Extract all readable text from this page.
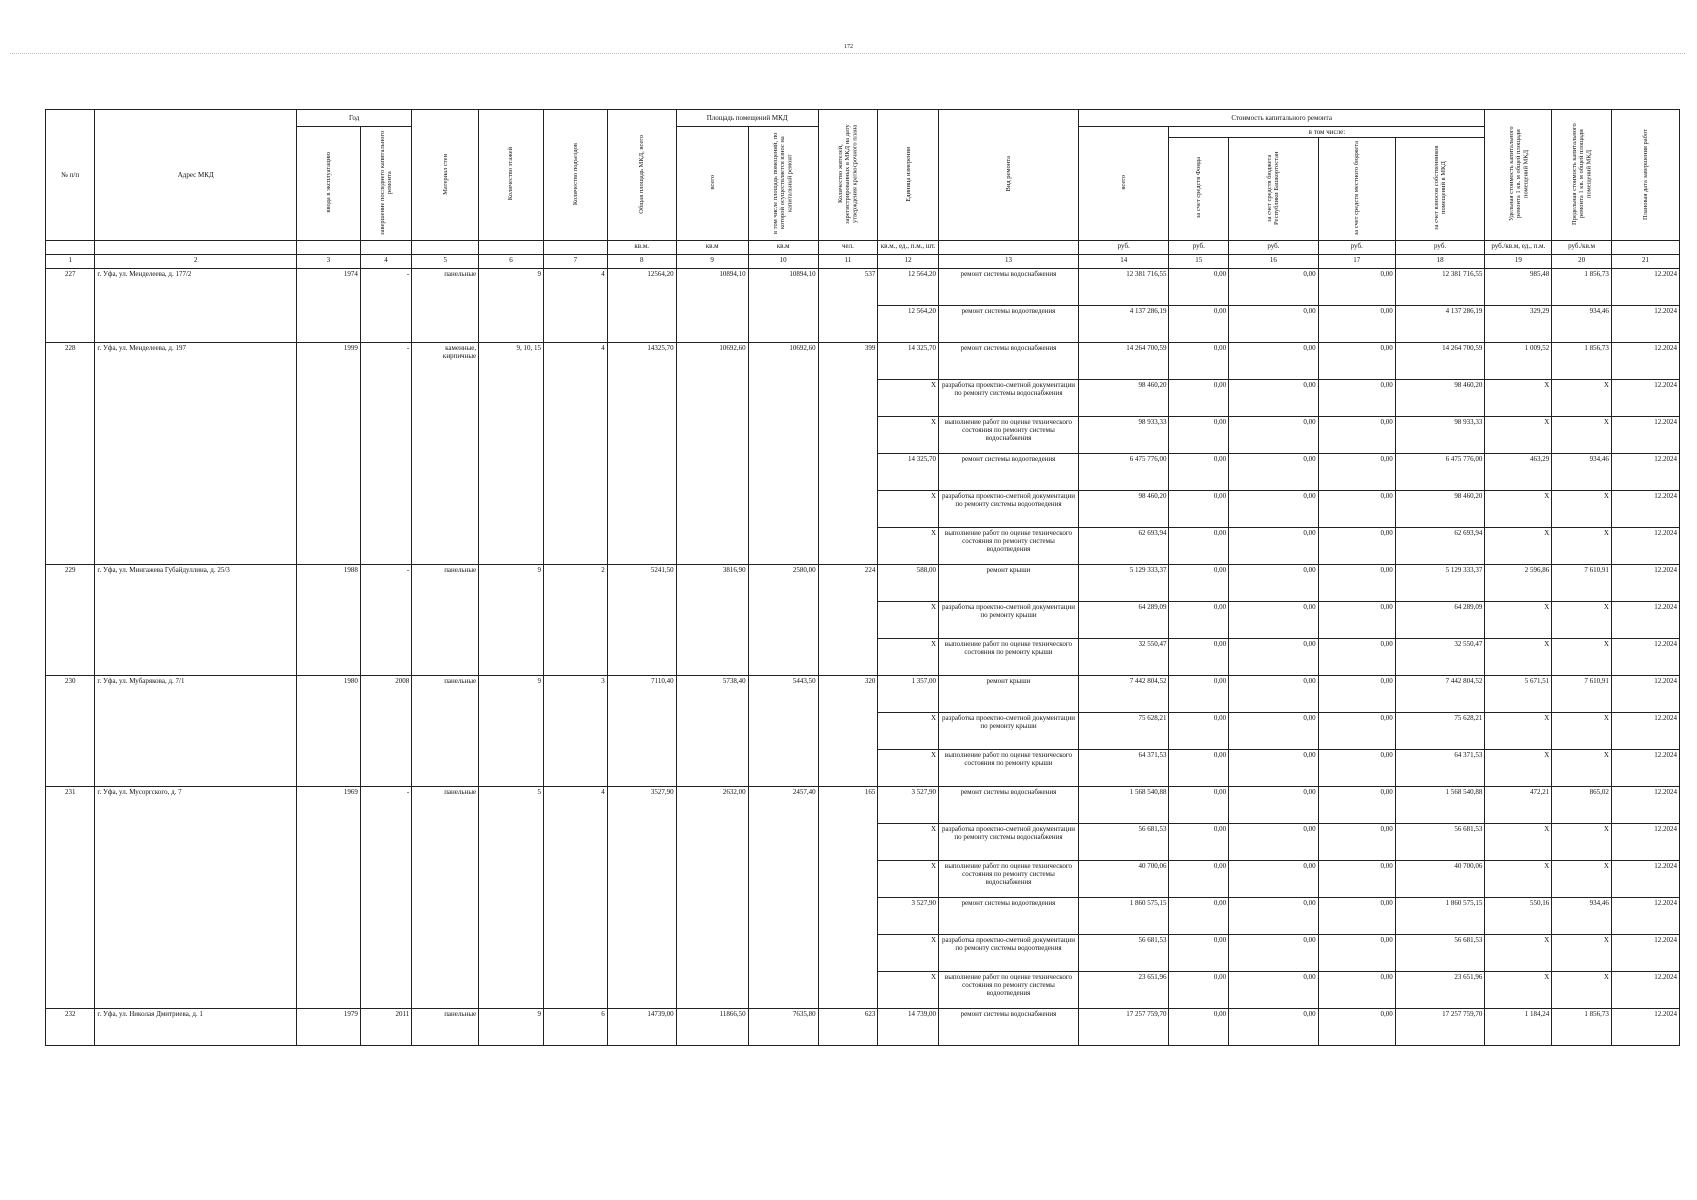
172
№ п/п	Адрес МКД	Год		Материал стен	Количество этажей	Количество подъездов	Общая площадь МКД, всего	Площадь помещений МКД		Количество жителей, зарегистрированных в МКД на дату утверждения краткосрочного плана	Единица измерения	Вид ремонта	Стоимость капитального ремонта					Удельная стоимость капитального ремонта 1 кв. м общей площади помещений МКД	Предельная стоимость капитального ремонта 1 кв. м общей площади помещений МКД	Плановая дата завершения работ
		ввода в эксплуатацию	завершение последнего капитального ремонта					всего	в том числе площадь помещений, по которой осуществляется взнос на капитальный ремонт				всего	в том числе:						
														за счет средств Фонда	за счет средств бюджета Республики Башкортостан	за счет средств местного бюджета	за счет взносов собственников помещений в МКД			
							кв.м.	кв.м	кв.м	чел.	кв.м., ед., п.м., шт.		руб.	руб.	руб.	руб.	руб.	руб./кв.м, ед., п.м.	руб./кв.м	
1	2	3	4	5	6	7	8	9	10	11	12	13	14	15	16	17	18	19	20	21
227	г. Уфа, ул. Менделеева, д. 177/2	1974	-	панельные	9	4	12564,20	10894,10	10894,10	537	12 564,20	ремонт системы водоснабжения	12 381 716,55	0,00	0,00	0,00	12 381 716,55	985,48	1 856,73	12.2024
											12 564,20	ремонт системы водоотведения	4 137 286,19	0,00	0,00	0,00	4 137 286,19	329,29	934,46	12.2024
228	г. Уфа, ул. Менделеева, д. 197	1999	-	каменные, кирпичные	9, 10, 15	4	14325,70	10692,60	10692,60	399	14 325,70	ремонт системы водоснабжения	14 264 700,59	0,00	0,00	0,00	14 264 700,59	1 009,52	1 856,73	12.2024
											X	разработка проектно-сметной документации по ремонту системы водоснабжения	98 460,20	0,00	0,00	0,00	98 460,20	X	X	12.2024
											X	выполнение работ по оценке технического состояния по ремонту системы водоснабжения	98 933,33	0,00	0,00	0,00	98 933,33	X	X	12.2024
											14 325,70	ремонт системы водоотведения	6 475 776,00	0,00	0,00	0,00	6 475 776,00	463,29	934,46	12.2024
											X	разработка проектно-сметной документации по ремонту системы водоотведения	98 460,20	0,00	0,00	0,00	98 460,20	X	X	12.2024
											X	выполнение работ по оценке технического состояния по ремонту системы водоотведения	62 693,94	0,00	0,00	0,00	62 693,94	X	X	12.2024
229	г. Уфа, ул. Мингажева Губайдуллина, д. 25/3	1988	-	панельные	9	2	5241,50	3816,90	2580,00	224	588,00	ремонт крыши	5 129 333,37	0,00	0,00	0,00	5 129 333,37	2 596,86	7 610,91	12.2024
											X	разработка проектно-сметной документации по ремонту крыши	64 289,09	0,00	0,00	0,00	64 289,09	X	X	12.2024
											X	выполнение работ по оценке технического состояния по ремонту крыши	32 550,47	0,00	0,00	0,00	32 550,47	X	X	12.2024
230	г. Уфа, ул. Мубарякова, д. 7/1	1980	2008	панельные	9	3	7110,40	5738,40	5443,50	320	1 357,00	ремонт крыши	7 442 804,52	0,00	0,00	0,00	7 442 804,52	5 671,51	7 610,91	12.2024
											X	разработка проектно-сметной документации по ремонту крыши	75 628,21	0,00	0,00	0,00	75 628,21	X	X	12.2024
											X	выполнение работ по оценке технического состояния по ремонту крыши	64 371,53	0,00	0,00	0,00	64 371,53	X	X	12.2024
231	г. Уфа, ул. Мусоргского, д. 7	1969	-	панельные	5	4	3527,90	2632,00	2457,40	165	3 527,90	ремонт системы водоснабжения	1 568 540,88	0,00	0,00	0,00	1 568 540,88	472,21	865,02	12.2024
											X	разработка проектно-сметной документации по ремонту системы водоснабжения	56 681,53	0,00	0,00	0,00	56 681,53	X	X	12.2024
											X	выполнение работ по оценке технического состояния по ремонту системы водоснабжения	40 700,06	0,00	0,00	0,00	40 700,06	X	X	12.2024
											3 527,90	ремонт системы водоотведения	1 860 575,15	0,00	0,00	0,00	1 860 575,15	550,16	934,46	12.2024
											X	разработка проектно-сметной документации по ремонту системы водоотведения	56 681,53	0,00	0,00	0,00	56 681,53	X	X	12.2024
											X	выполнение работ по оценке технического состояния по ремонту системы водоотведения	23 651,96	0,00	0,00	0,00	23 651,96	X	X	12.2024
232	г. Уфа, ул. Николая Дмитриева, д. 1	1979	2011	панельные	9	6	14739,00	11866,50	7635,80	623	14 739,00	ремонт системы водоснабжения	17 257 759,70	0,00	0,00	0,00	17 257 759,70	1 184,24	1 856,73	12.2024
